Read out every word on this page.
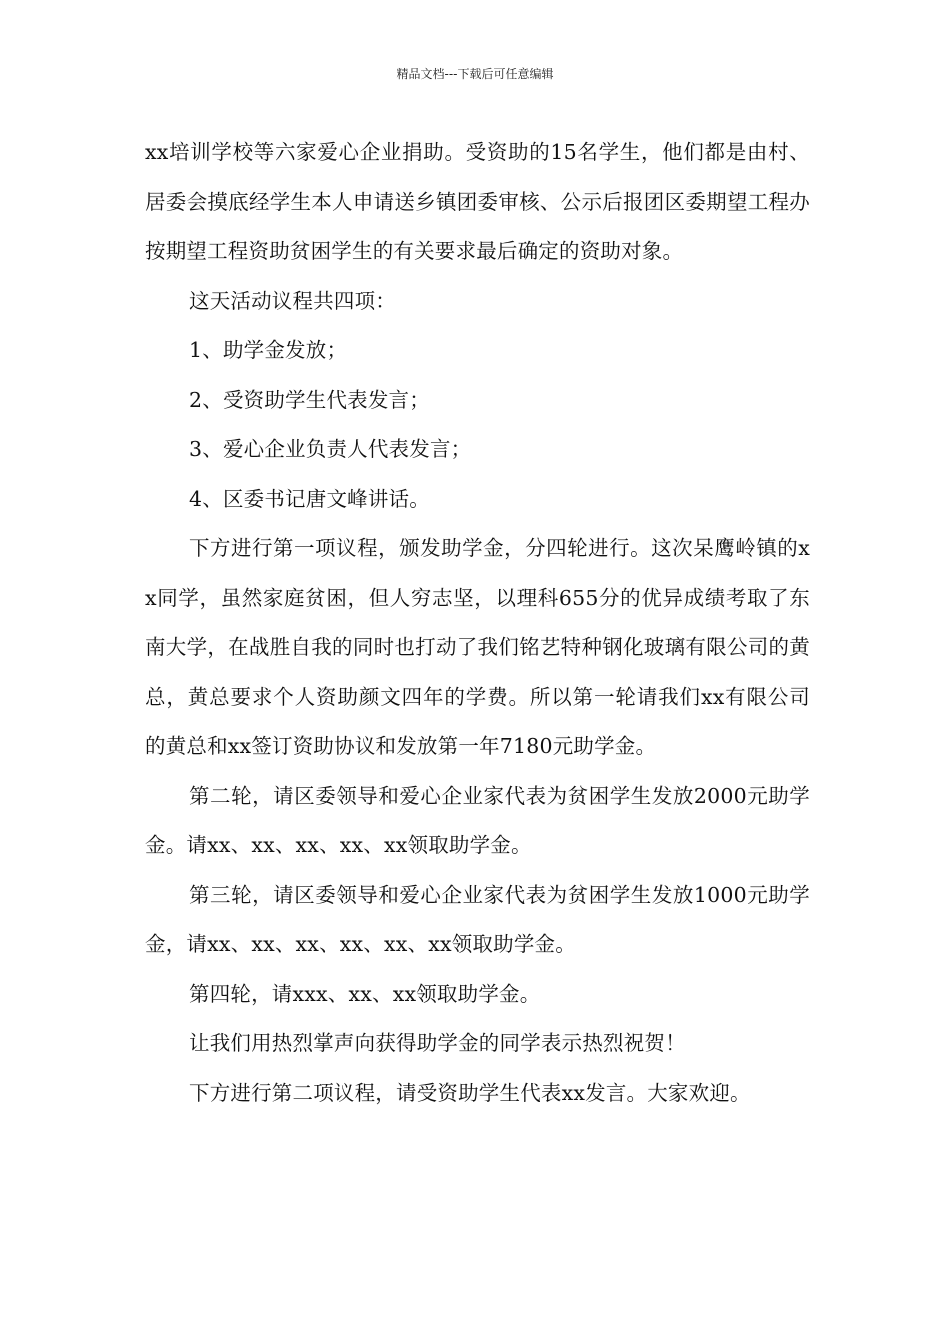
精品文档---下载后可任意编辑

xx培训学校等六家爱心企业捐助。受资助的15名学生，他们都是由村、居委会摸底经学生本人申请送乡镇团委审核、公示后报团区委期望工程办按期望工程资助贫困学生的有关要求最后确定的资助对象。

这天活动议程共四项：

1、助学金发放；

2、受资助学生代表发言；

3、爱心企业负责人代表发言；

4、区委书记唐文峰讲话。

下方进行第一项议程，颁发助学金，分四轮进行。这次呆鹰岭镇的xx同学，虽然家庭贫困，但人穷志坚，以理科655分的优异成绩考取了东南大学，在战胜自我的同时也打动了我们铭艺特种钢化玻璃有限公司的黄总，黄总要求个人资助颜文四年的学费。所以第一轮请我们xx有限公司的黄总和xx签订资助协议和发放第一年7180元助学金。

第二轮，请区委领导和爱心企业家代表为贫困学生发放2000元助学金。请xx、xx、xx、xx、xx领取助学金。

第三轮，请区委领导和爱心企业家代表为贫困学生发放1000元助学金，请xx、xx、xx、xx、xx、xx领取助学金。

第四轮，请xxx、xx、xx领取助学金。

让我们用热烈掌声向获得助学金的同学表示热烈祝贺！

下方进行第二项议程，请受资助学生代表xx发言。大家欢迎。
